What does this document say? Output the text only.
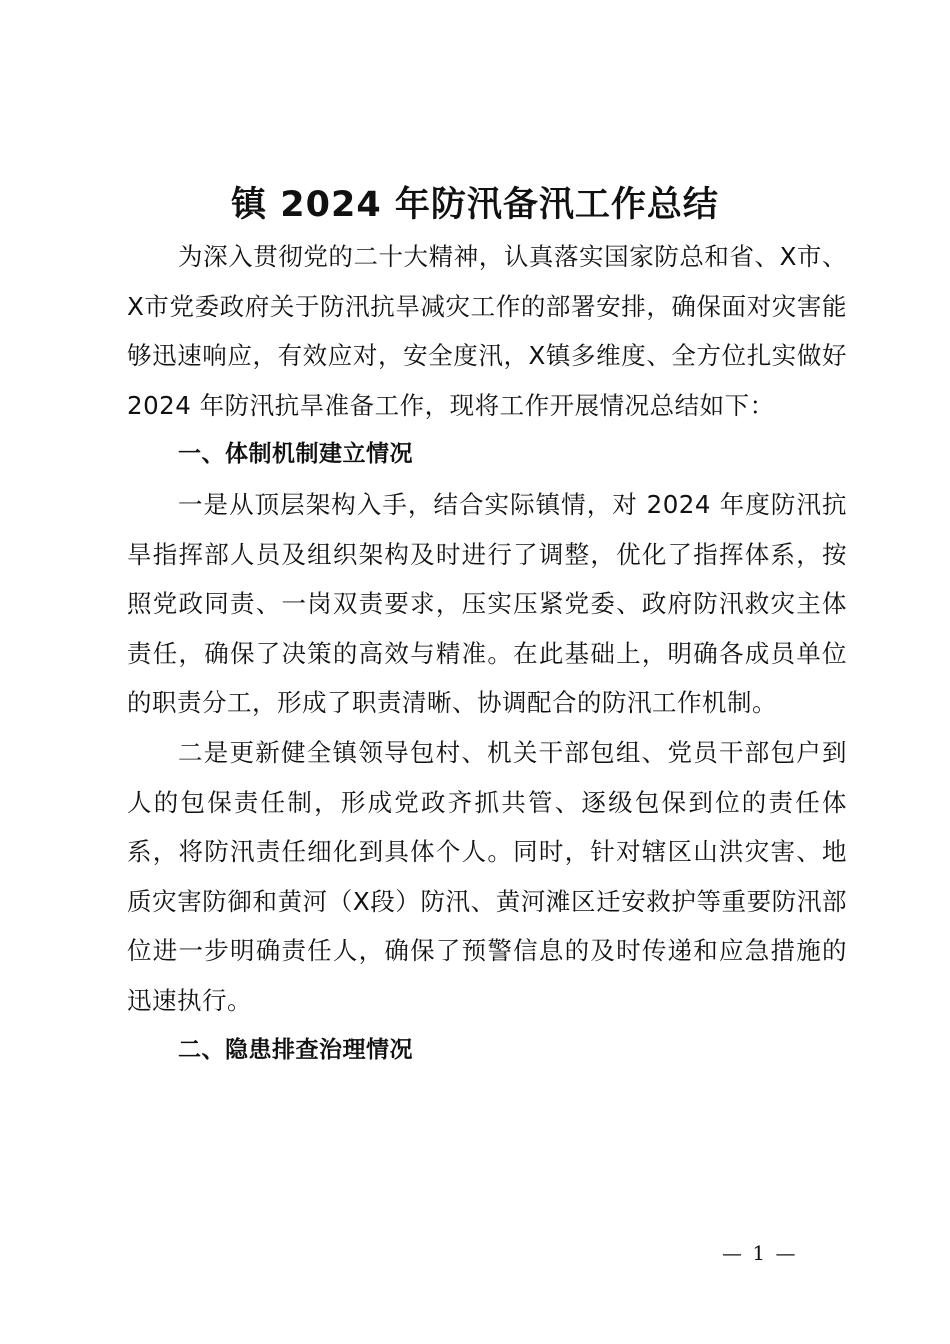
镇 2024 年防汛备汛工作总结

为深入贯彻党的二十大精神，认真落实国家防总和省、X市、X市党委政府关于防汛抗旱减灾工作的部署安排，确保面对灾害能够迅速响应，有效应对，安全度汛，X镇多维度、全方位扎实做好 2024 年防汛抗旱准备工作，现将工作开展情况总结如下：

一、体制机制建立情况

一是从顶层架构入手，结合实际镇情，对 2024 年度防汛抗旱指挥部人员及组织架构及时进行了调整，优化了指挥体系，按照党政同责、一岗双责要求，压实压紧党委、政府防汛救灾主体责任，确保了决策的高效与精准。在此基础上，明确各成员单位的职责分工，形成了职责清晰、协调配合的防汛工作机制。

二是更新健全镇领导包村、机关干部包组、党员干部包户到人的包保责任制，形成党政齐抓共管、逐级包保到位的责任体系，将防汛责任细化到具体个人。同时，针对辖区山洪灾害、地质灾害防御和黄河（X段）防汛、黄河滩区迁安救护等重要防汛部位进一步明确责任人，确保了预警信息的及时传递和应急措施的迅速执行。

二、隐患排查治理情况

— 1 —
